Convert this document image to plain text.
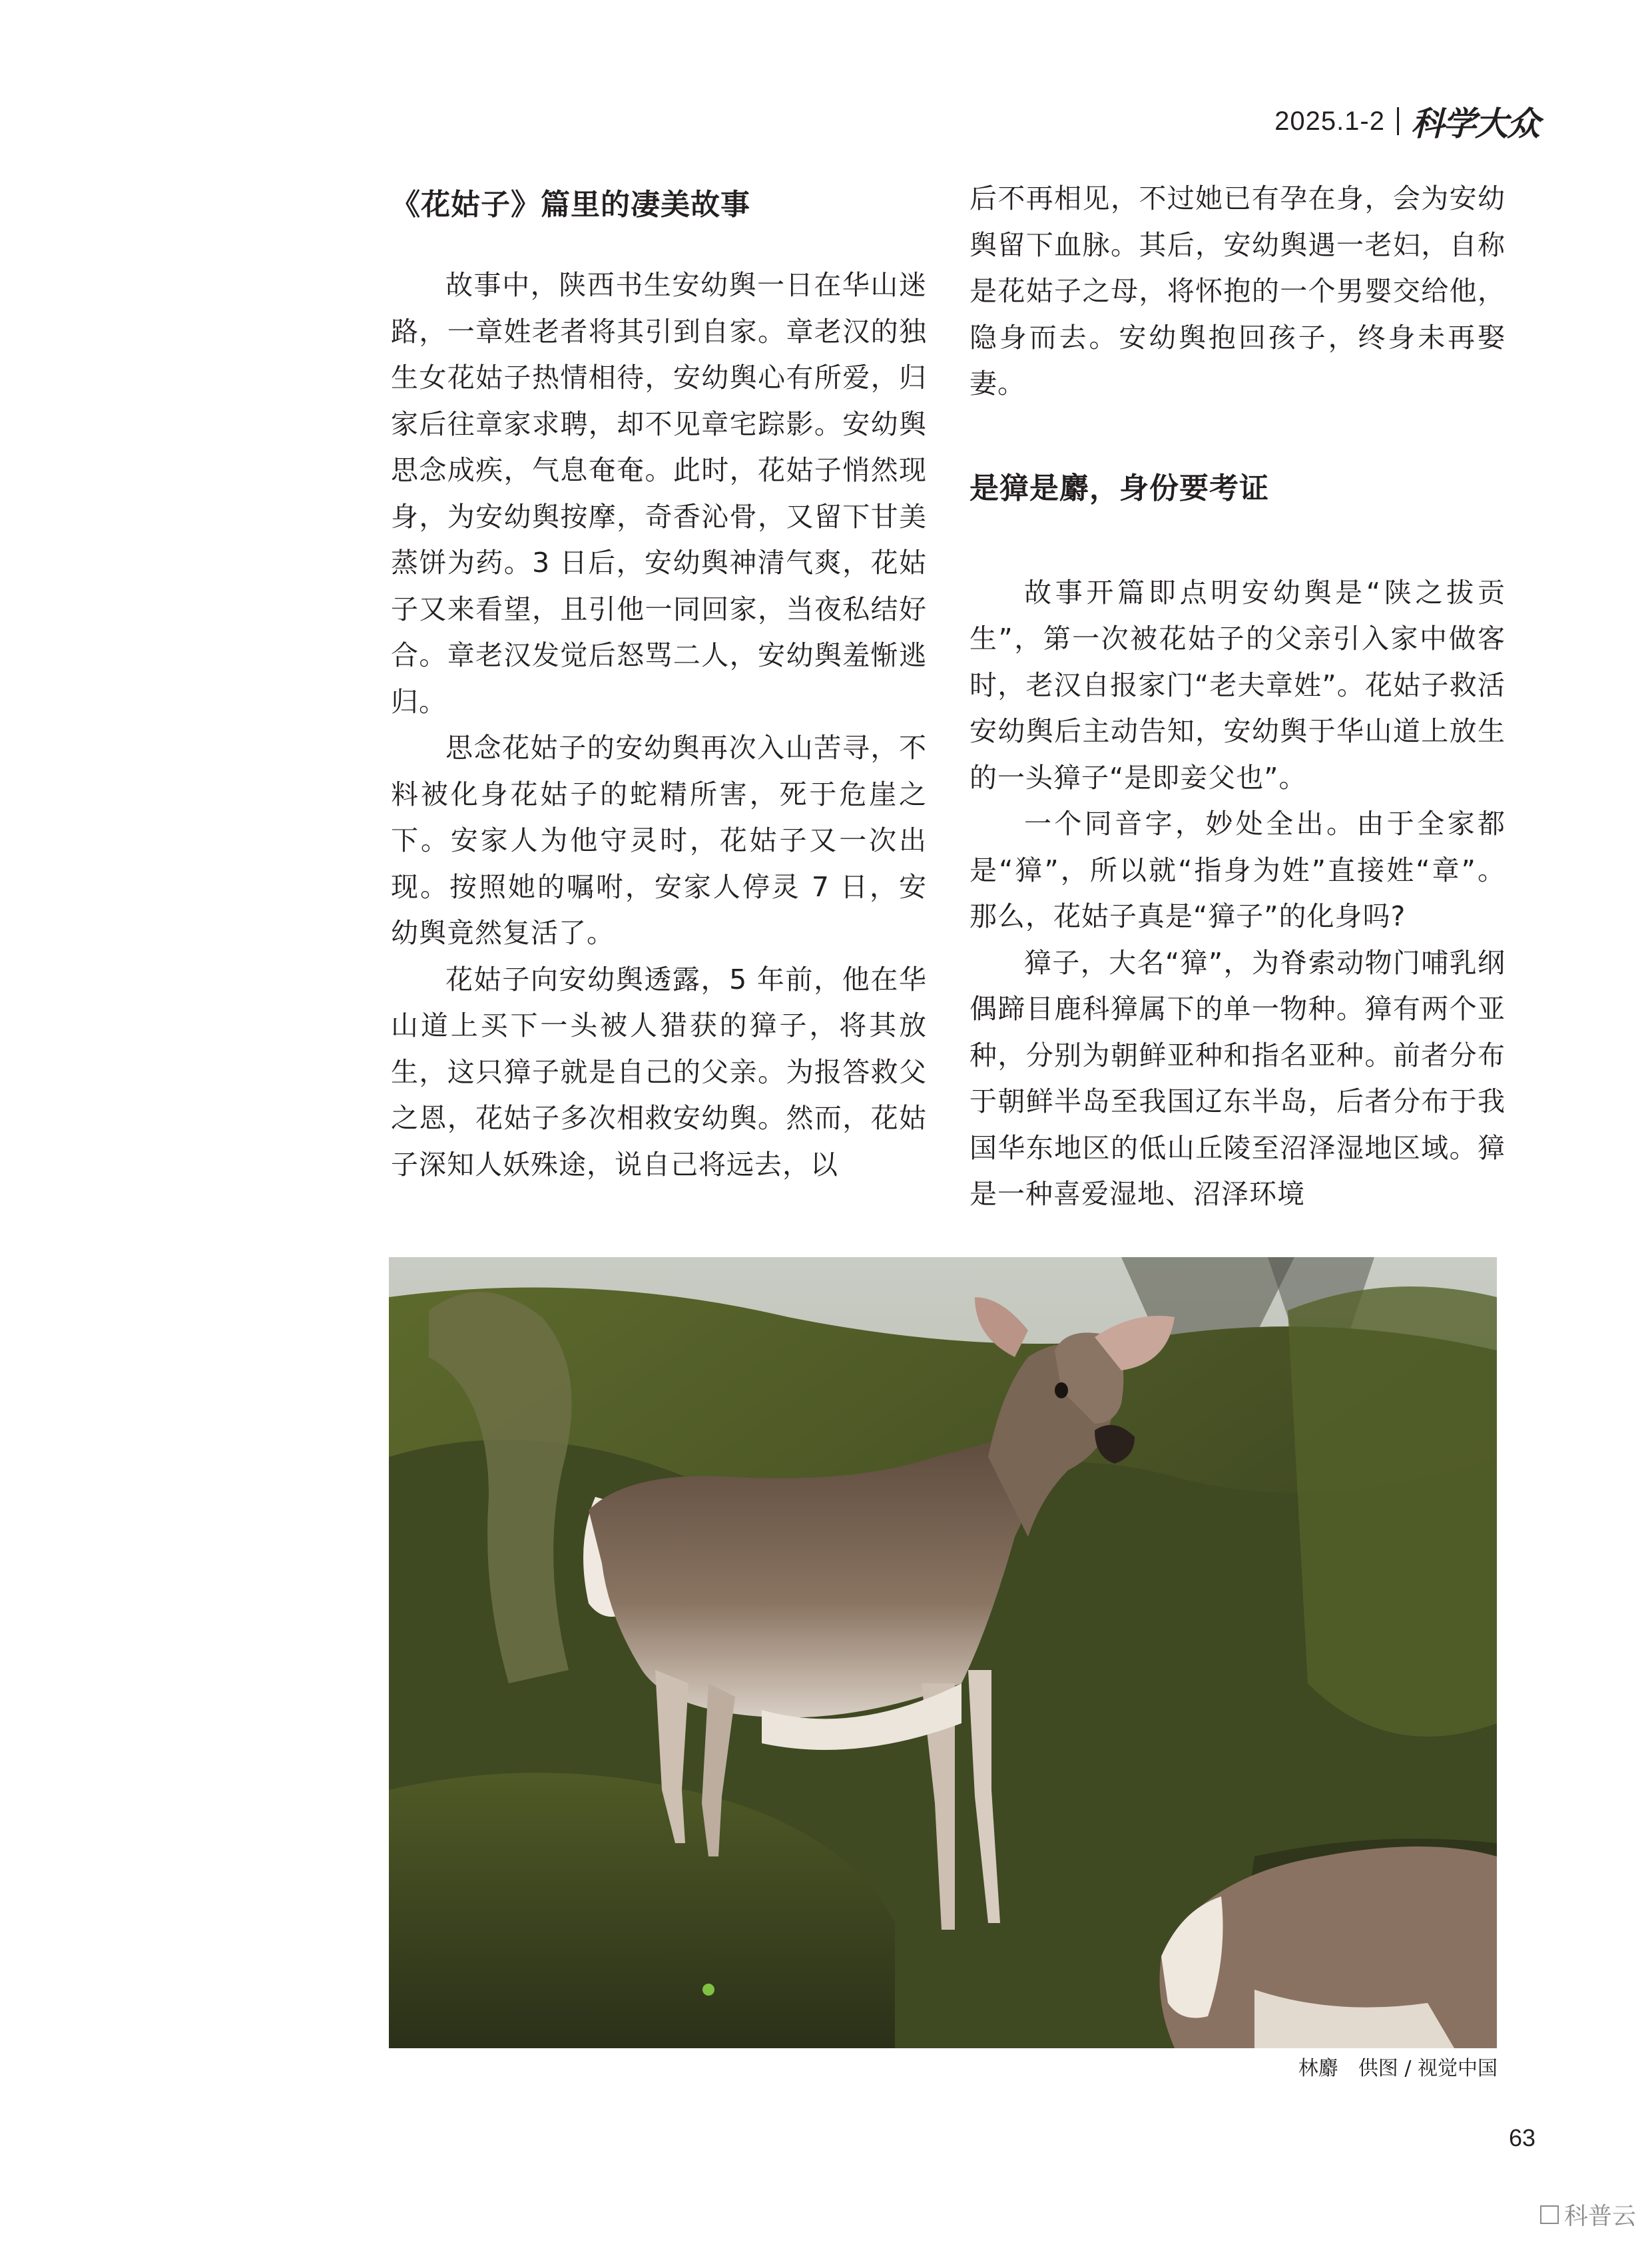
2025.1-2 科学大众
《花姑子》篇里的凄美故事

故事中，陕西书生安幼舆一日在华山迷路，一章姓老者将其引到自家。章老汉的独生女花姑子热情相待，安幼舆心有所爱，归家后往章家求聘，却不见章宅踪影。安幼舆思念成疾，气息奄奄。此时，花姑子悄然现身，为安幼舆按摩，奇香沁骨，又留下甘美蒸饼为药。3 日后，安幼舆神清气爽，花姑子又来看望，且引他一同回家，当夜私结好合。章老汉发觉后怒骂二人，安幼舆羞惭逃归。

思念花姑子的安幼舆再次入山苦寻，不料被化身花姑子的蛇精所害，死于危崖之下。安家人为他守灵时，花姑子又一次出现。按照她的嘱咐，安家人停灵 7 日，安幼舆竟然复活了。

花姑子向安幼舆透露，5 年前，他在华山道上买下一头被人猎获的獐子，将其放生，这只獐子就是自己的父亲。为报答救父之恩，花姑子多次相救安幼舆。然而，花姑子深知人妖殊途，说自己将远去，以

后不再相见，不过她已有孕在身，会为安幼舆留下血脉。其后，安幼舆遇一老妇，自称是花姑子之母，将怀抱的一个男婴交给他，隐身而去。安幼舆抱回孩子，终身未再娶妻。

是獐是麝，身份要考证

故事开篇即点明安幼舆是“陕之拔贡生”，第一次被花姑子的父亲引入家中做客时，老汉自报家门“老夫章姓”。花姑子救活安幼舆后主动告知，安幼舆于华山道上放生的一头獐子“是即妾父也”。

一个同音字，妙处全出。由于全家都是“獐”，所以就“指身为姓”直接姓“章”。那么，花姑子真是“獐子”的化身吗?

獐子，大名“獐”，为脊索动物门哺乳纲偶蹄目鹿科獐属下的单一物种。獐有两个亚种，分别为朝鲜亚种和指名亚种。前者分布于朝鲜半岛至我国辽东半岛，后者分布于我国华东地区的低山丘陵至沼泽湿地区域。獐是一种喜爱湿地、沼泽环境

林麝　供图 / 视觉中国
63
科普云
